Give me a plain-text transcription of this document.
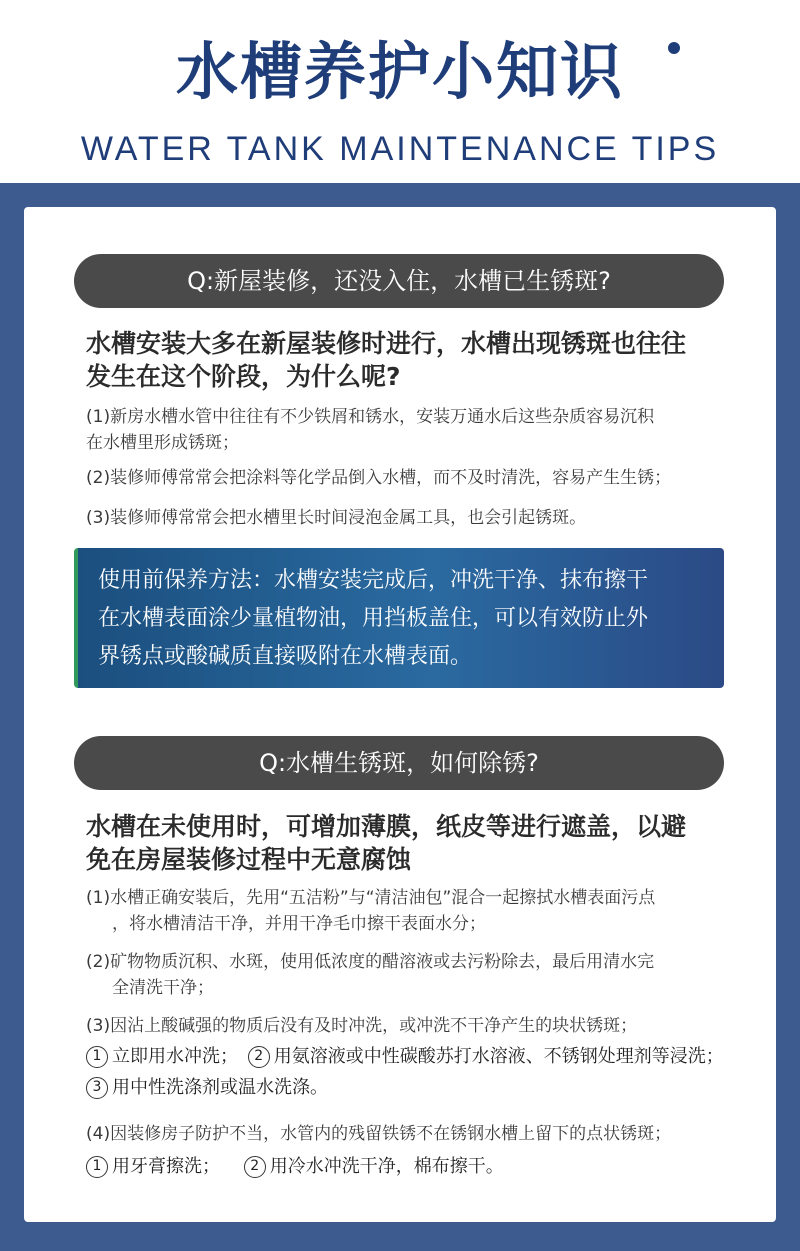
水槽养护小知识
WATER TANK MAINTENANCE TIPS
Q:新屋装修，还没入住，水槽已生锈斑?
水槽安装大多在新屋装修时进行，水槽出现锈斑也往往
发生在这个阶段，为什么呢?
(1)新房水槽水管中往往有不少铁屑和锈水，安装万通水后这些杂质容易沉积
在水槽里形成锈斑；
(2)装修师傅常常会把涂料等化学品倒入水槽，而不及时清洗，容易产生生锈；
(3)装修师傅常常会把水槽里长时间浸泡金属工具，也会引起锈斑。
使用前保养方法：水槽安装完成后，冲洗干净、抹布擦干
在水槽表面涂少量植物油，用挡板盖住，可以有效防止外
界锈点或酸碱质直接吸附在水槽表面。
Q:水槽生锈斑，如何除锈?
水槽在未使用时，可增加薄膜，纸皮等进行遮盖，以避
免在房屋装修过程中无意腐蚀
(1)水槽正确安装后，先用“五洁粉”与“清洁油包”混合一起擦拭水槽表面污点
，将水槽清洁干净，并用干净毛巾擦干表面水分；
(2)矿物物质沉积、水斑，使用低浓度的醋溶液或去污粉除去，最后用清水完
全清洗干净；
(3)因沾上酸碱强的物质后没有及时冲洗，或冲洗不干净产生的块状锈斑；
1 立即用水冲洗； 2 用氨溶液或中性碳酸苏打水溶液、不锈钢处理剂等浸洗；
3 用中性洗涤剂或温水洗涤。
(4)因装修房子防护不当，水管内的残留铁锈不在锈钢水槽上留下的点状锈斑；
1 用牙膏擦洗； 2 用冷水冲洗干净，棉布擦干。
